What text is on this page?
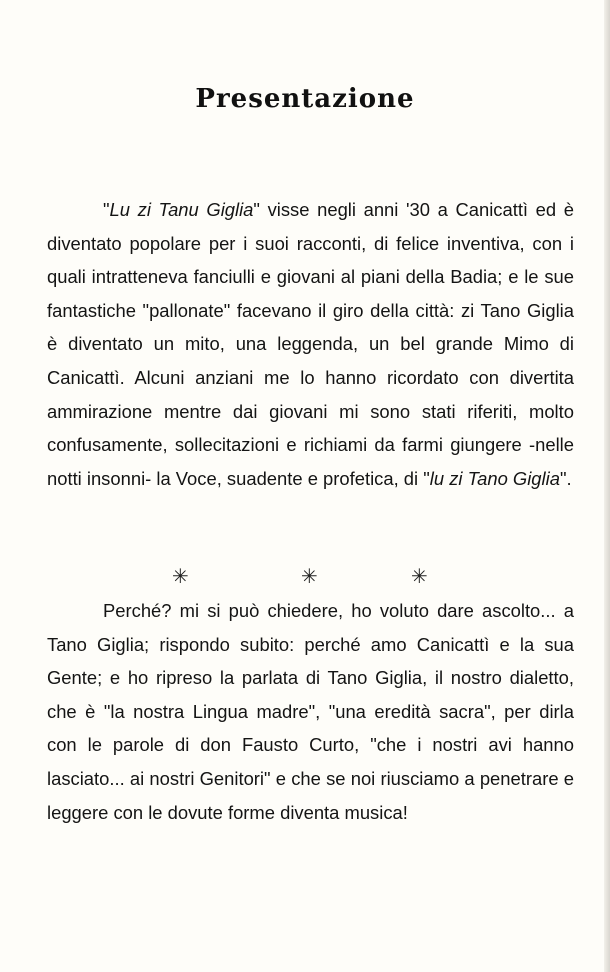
Presentazione

"Lu zi Tanu Giglia" visse negli anni '30 a Canicattì ed è diventato popolare per i suoi racconti, di felice inventiva, con i quali intratteneva fanciulli e giovani al piani della Badia; e le sue fantastiche "pallonate" facevano il giro della città: zi Tano Giglia è diventato un mito, una leggenda, un bel grande Mimo di Canicattì. Alcuni anziani me lo hanno ricordato con divertita ammirazione mentre dai giovani mi sono stati riferiti, molto confusamente, sollecitazioni e richiami da farmi giungere -nelle notti insonni- la Voce, suadente e profetica, di "lu zi Tano Giglia".

✳	✳	✳

Perché? mi si può chiedere, ho voluto dare ascolto... a Tano Giglia; rispondo subito: perché amo Canicattì e la sua Gente; e ho ripreso la parlata di Tano Giglia, il nostro dialetto, che è "la nostra Lingua madre", "una eredità sacra", per dirla con le parole di don Fausto Curto, "che i nostri avi hanno lasciato... ai nostri Genitori" e che se noi riusciamo a penetrare e leggere con le dovute forme diventa musica!
